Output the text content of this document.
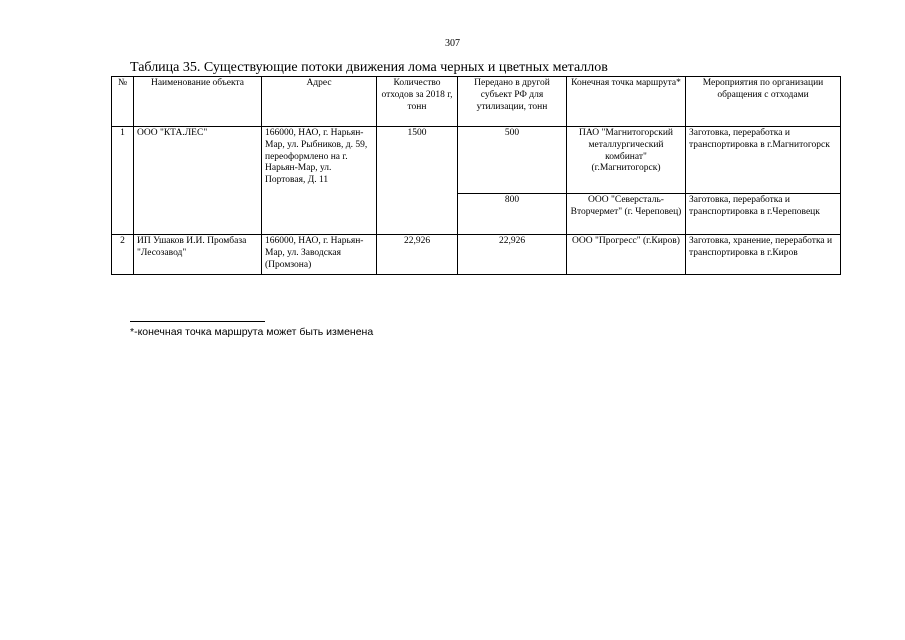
307
Таблица 35. Существующие потоки движения лома черных и цветных металлов
№	Наименование объекта	Адрес	Количество отходов за 2018 г, тонн	Передано в другой субъект РФ для утилизации, тонн	Конечная точка маршрута*	Мероприятия по организации обращения с отходами
1	ООО "КТА.ЛЕС"	166000, НАО, г. Нарьян-Мар, ул. Рыбников, д. 59, переоформлено на г. Нарьян-Мар, ул. Портовая, Д. 11	1500	500	ПАО "Магнитогорский металлургический комбинат" (г.Магнитогорск)	Заготовка, переработка и транспортировка в г.Магнитогорск
				800	ООО "Северсталь-Вторчермет" (г. Череповец)	Заготовка, переработка и транспортировка в г.Череповецк
2	ИП Ушаков И.И. Промбаза "Лесозавод"	166000, НАО, г. Нарьян-Мар, ул. Заводская (Промзона)	22,926	22,926	ООО "Прогресс" (г.Киров)	Заготовка, хранение, переработка и транспортировка в г.Киров
*-конечная точка маршрута может быть изменена
